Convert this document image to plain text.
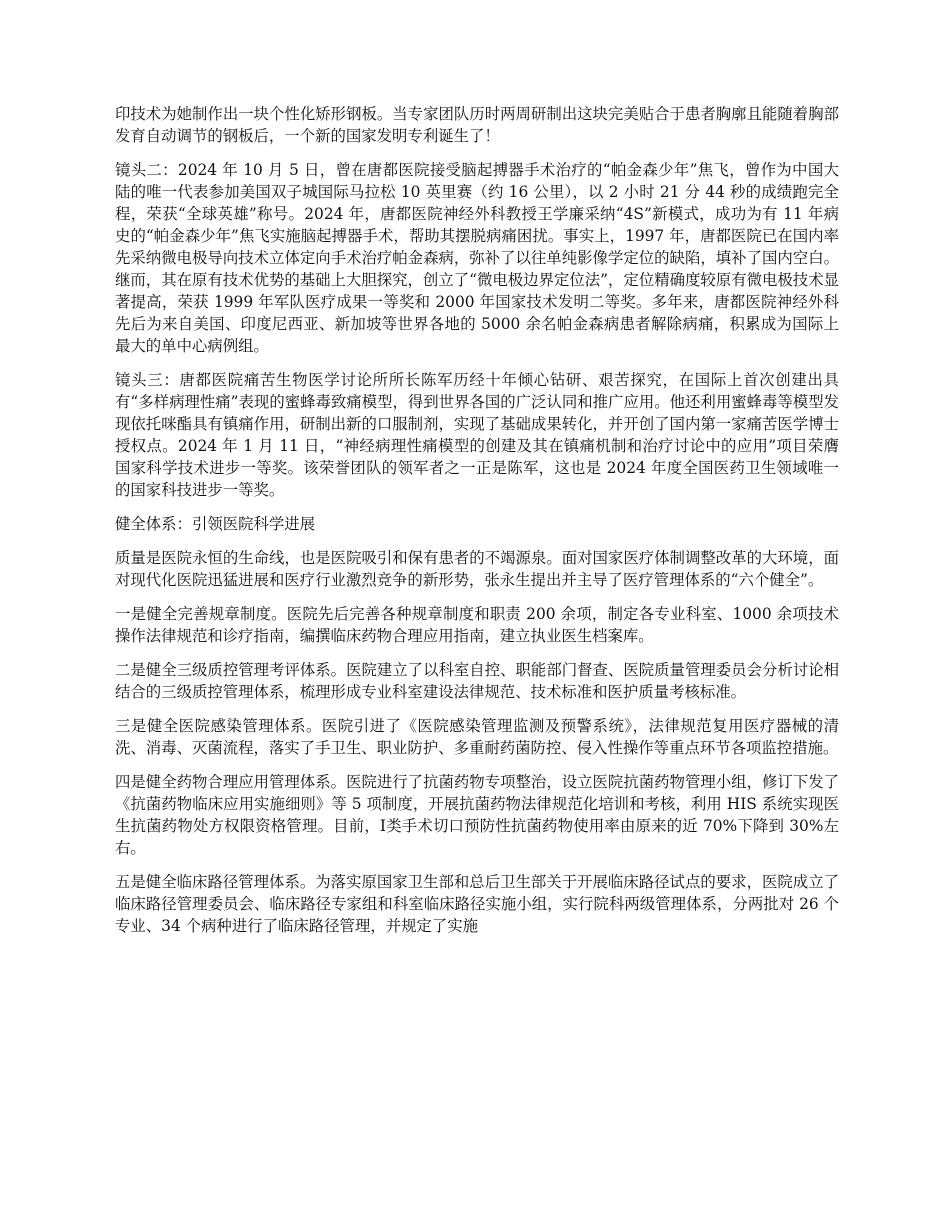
印技术为她制作出一块个性化矫形钢板。当专家团队历时两周研制出这块完美贴合于患者胸廓且能随着胸部发育自动调节的钢板后，一个新的国家发明专利诞生了！

镜头二：2024 年 10 月 5 日，曾在唐都医院接受脑起搏器手术治疗的“帕金森少年”焦飞，曾作为中国大陆的唯一代表参加美国双子城国际马拉松 10 英里赛（约 16 公里），以 2 小时 21 分 44 秒的成绩跑完全程，荣获“全球英雄”称号。2024 年，唐都医院神经外科教授王学廉采纳“4S”新模式，成功为有 11 年病史的“帕金森少年”焦飞实施脑起搏器手术，帮助其摆脱病痛困扰。事实上，1997 年，唐都医院已在国内率先采纳微电极导向技术立体定向手术治疗帕金森病，弥补了以往单纯影像学定位的缺陷，填补了国内空白。继而，其在原有技术优势的基础上大胆探究，创立了“微电极边界定位法”，定位精确度较原有微电极技术显著提高，荣获 1999 年军队医疗成果一等奖和 2000 年国家技术发明二等奖。多年来，唐都医院神经外科先后为来自美国、印度尼西亚、新加坡等世界各地的 5000 余名帕金森病患者解除病痛，积累成为国际上最大的单中心病例组。

镜头三：唐都医院痛苦生物医学讨论所所长陈军历经十年倾心钻研、艰苦探究，在国际上首次创建出具有“多样病理性痛”表现的蜜蜂毒致痛模型，得到世界各国的广泛认同和推广应用。他还利用蜜蜂毒等模型发现依托咪酯具有镇痛作用，研制出新的口服制剂，实现了基础成果转化，并开创了国内第一家痛苦医学博士授权点。2024 年 1 月 11 日，“神经病理性痛模型的创建及其在镇痛机制和治疗讨论中的应用”项目荣膺国家科学技术进步一等奖。该荣誉团队的领军者之一正是陈军，这也是 2024 年度全国医药卫生领域唯一的国家科技进步一等奖。

健全体系：引领医院科学进展

质量是医院永恒的生命线，也是医院吸引和保有患者的不竭源泉。面对国家医疗体制调整改革的大环境，面对现代化医院迅猛进展和医疗行业激烈竞争的新形势，张永生提出并主导了医疗管理体系的“六个健全”。

一是健全完善规章制度。医院先后完善各种规章制度和职责 200 余项，制定各专业科室、1000 余项技术操作法律规范和诊疗指南，编撰临床药物合理应用指南，建立执业医生档案库。

二是健全三级质控管理考评体系。医院建立了以科室自控、职能部门督查、医院质量管理委员会分析讨论相结合的三级质控管理体系，梳理形成专业科室建设法律规范、技术标准和医护质量考核标准。

三是健全医院感染管理体系。医院引进了《医院感染管理监测及预警系统》，法律规范复用医疗器械的清洗、消毒、灭菌流程，落实了手卫生、职业防护、多重耐药菌防控、侵入性操作等重点环节各项监控措施。

四是健全药物合理应用管理体系。医院进行了抗菌药物专项整治，设立医院抗菌药物管理小组，修订下发了《抗菌药物临床应用实施细则》等 5 项制度，开展抗菌药物法律规范化培训和考核，利用 HIS 系统实现医生抗菌药物处方权限资格管理。目前，Ⅰ类手术切口预防性抗菌药物使用率由原来的近 70%下降到 30%左右。

五是健全临床路径管理体系。为落实原国家卫生部和总后卫生部关于开展临床路径试点的要求，医院成立了临床路径管理委员会、临床路径专家组和科室临床路径实施小组，实行院科两级管理体系，分两批对 26 个专业、34 个病种进行了临床路径管理，并规定了实施
